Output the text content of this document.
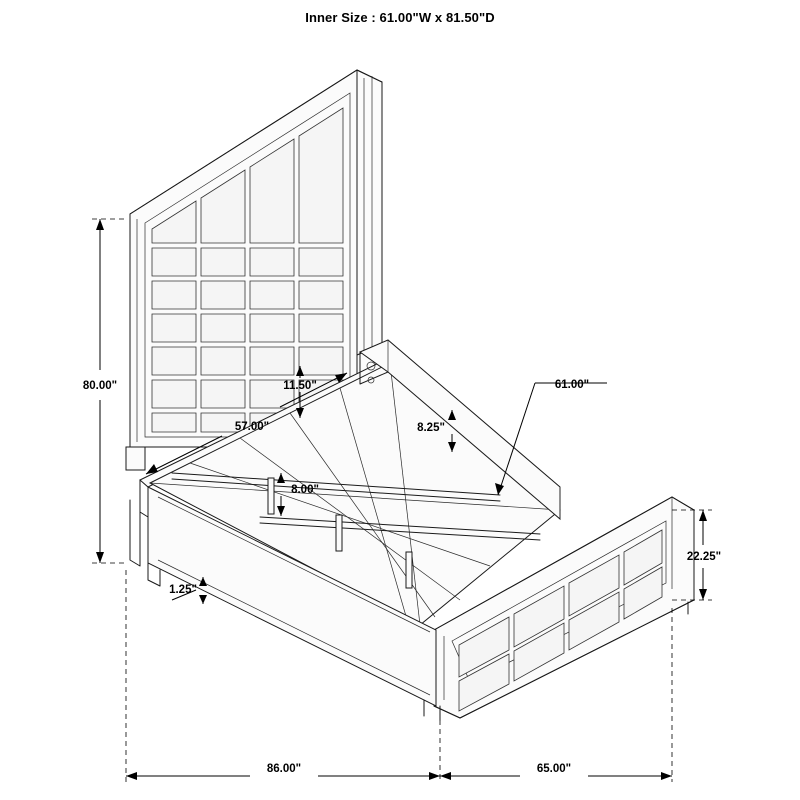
Inner Size : 61.00"W x 81.50"D
80.00"
57.00"
11.50"
8.00"
8.25"
61.00"
22.25"
1.25"
86.00"	65.00"
